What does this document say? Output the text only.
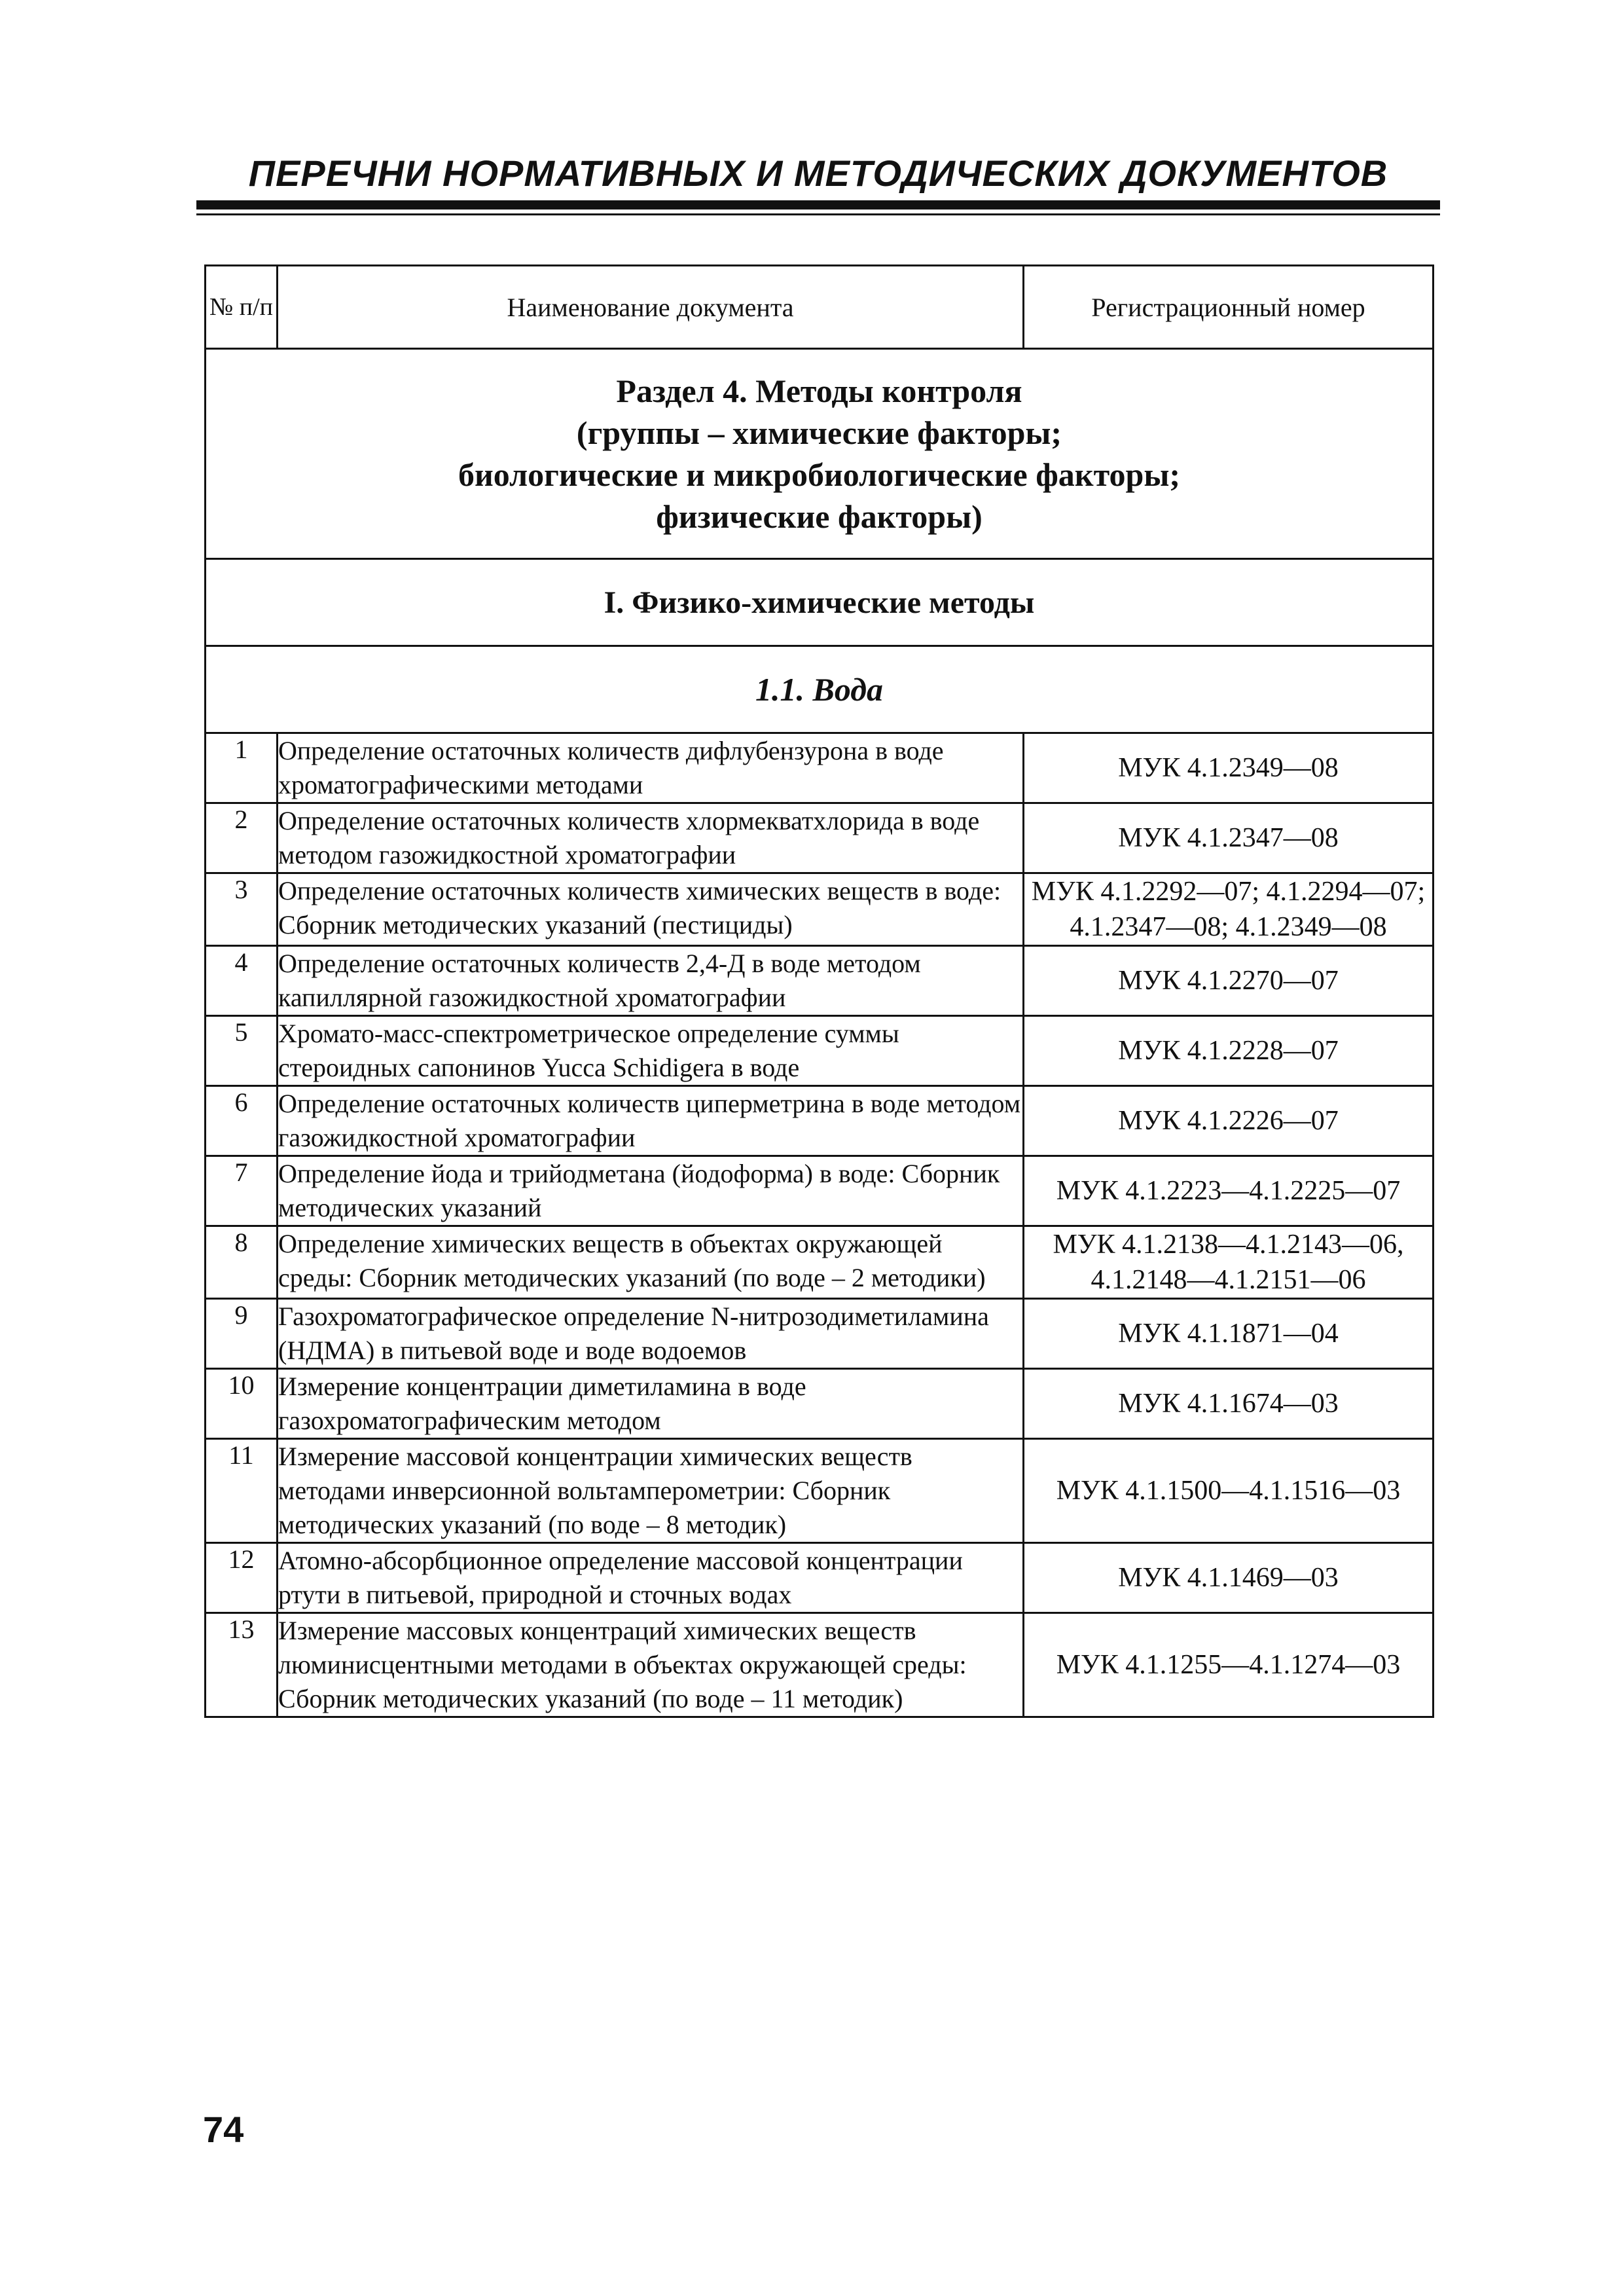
ПЕРЕЧНИ НОРМАТИВНЫХ И МЕТОДИЧЕСКИХ ДОКУМЕНТОВ
№ п/п	Наименование документа	Регистрационный номер

Раздел 4. Методы контроля
(группы – химические факторы;
биологические и микробиологические факторы;
физические факторы)		

I. Физико-химические методы		
1.1. Вода		
1	Определение остаточных количеств дифлубензурона в воде хроматографическими методами	МУК 4.1.2349—08
2	Определение остаточных количеств хлормекватхлорида в воде методом газожидкостной хроматографии	МУК 4.1.2347—08
3	Определение остаточных количеств химических веществ в воде: Сборник методических указаний (пестициды)	МУК 4.1.2292—07; 4.1.2294—07; 4.1.2347—08; 4.1.2349—08
4	Определение остаточных количеств 2,4-Д в воде методом капиллярной газожидкостной хроматографии	МУК 4.1.2270—07
5	Хромато-масс-спектрометрическое определение суммы стероидных сапонинов Yucca Schidigera в воде	МУК 4.1.2228—07
6	Определение остаточных количеств циперметрина в воде методом газожидкостной хроматографии	МУК 4.1.2226—07
7	Определение йода и трийодметана (йодоформа) в воде: Сборник методических указаний	МУК 4.1.2223—4.1.2225—07
8	Определение химических веществ в объектах окружающей среды: Сборник методических указаний (по воде – 2 методики)	МУК 4.1.2138—4.1.2143—06, 4.1.2148—4.1.2151—06
9	Газохроматографическое определение N-нитрозодиметиламина (НДМА) в питьевой воде и воде водоемов	МУК 4.1.1871—04
10	Измерение концентрации диметиламина в воде газохроматографическим методом	МУК 4.1.1674—03
11	Измерение массовой концентрации химических веществ методами инверсионной вольтамперометрии: Сборник методических указаний (по воде – 8 методик)	МУК 4.1.1500—4.1.1516—03
12	Атомно-абсорбционное определение массовой концентрации ртути в питьевой, природной и сточных водах	МУК 4.1.1469—03
13	Измерение массовых концентраций химических веществ люминисцентными методами в объектах окружающей среды: Сборник методических указаний (по воде – 11 методик)	МУК 4.1.1255—4.1.1274—03
74
